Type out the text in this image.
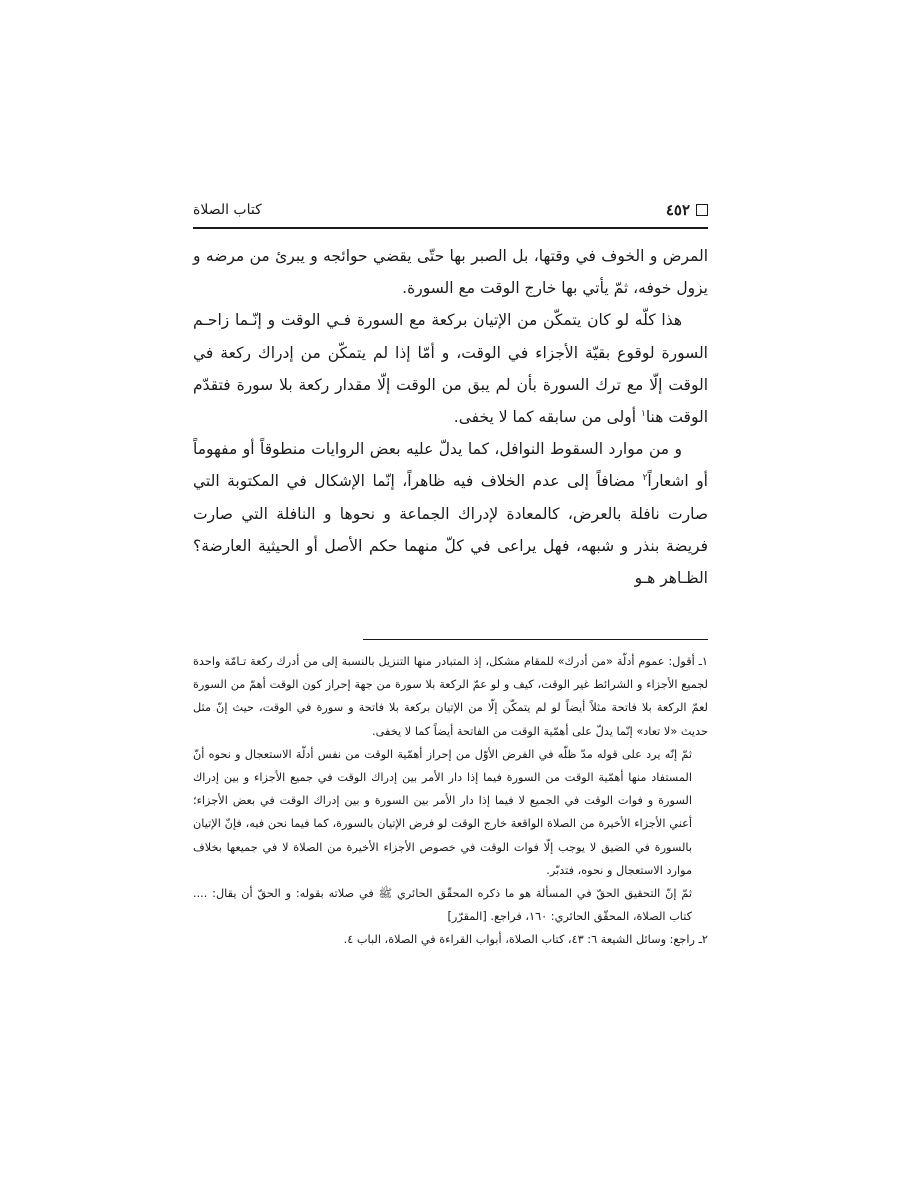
٤٥٢
كتاب الصلاة

المرض و الخوف في وقتها، بل الصبر بها حتّى يقضي حوائجه و يبرئ من مرضه و يزول خوفه، ثمّ يأتي بها خارج الوقت مع السورة.

هذا كلّه لو كان يتمكّن من الإتيان بركعة مع السورة فـي الوقت و إنّـما زاحـم السورة لوقوع بقيّة الأجزاء في الوقت، و أمّا إذا لم يتمكّن من إدراك ركعة في الوقت إلّا مع ترك السورة بأن لم يبق من الوقت إلّا مقدار ركعة بلا سورة فتقدّم الوقت هنا$^١$ أولى من سابقه كما لا يخفى.

و من موارد السقوط النوافل، كما يدلّ عليه بعض الروايات منطوقاً أو مفهوماً أو اشعاراً$^٢$ مضافاً إلى عدم الخلاف فيه ظاهراً، إنّما الإشكال في المكتوبة التي صارت نافلة بالعرض، كالمعادة لإدراك الجماعة و نحوها و النافلة التي صارت فريضة بنذر و شبهه، فهل يراعى في كلّ منهما حكم الأصل أو الحيثية العارضة؟ الظـاهر هـو

١ـ أقول: عموم أدلّة «من أدرك» للمقام مشكل، إذ المتبادر منها التنزيل بالنسبة إلى من أدرك ركعة تـامّة واحدة لجميع الأجزاء و الشرائط غير الوقت، كيف و لو عمّ الركعة بلا سورة من جهة إحراز كون الوقت أهمّ من السورة لعمّ الركعة بلا فاتحة مثلاً أيضاً لو لم يتمكّن إلّا من الإتيان بركعة بلا فاتحة و سورة في الوقت، حيث إنّ مثل حديث «لا تعاد» إنّما يدلّ على أهمّية الوقت من الفاتحة أيضاً كما لا يخفى.

ثمّ إنّه يرد على قوله مدّ ظلّه في الفرض الأوّل من إحراز أهمّية الوقت من نفس أدلّة الاستعجال و نحوه أنّ المستفاد منها أهمّية الوقت من السورة فيما إذا دار الأمر بين إدراك الوقت في جميع الأجزاء و بين إدراك السورة و فوات الوقت في الجميع لا فيما إذا دار الأمر بين السورة و بين إدراك الوقت في بعض الأجزاء؛ أعني الأجزاء الأخيرة من الصلاة الواقعة خارج الوقت لو فرض الإتيان بالسورة، كما فيما نحن فيه، فإنّ الإتيان بالسورة في الضيق لا يوجب إلّا فوات الوقت في خصوص الأجزاء الأخيرة من الصلاة لا في جميعها بخلاف موارد الاستعجال و نحوه، فتدبّر.

ثمّ إنّ التحقيق الحقّ في المسألة هو ما ذكره المحقّق الحائري ﷺ في صلاته بقوله: و الحقّ أن يقال: .... كتاب الصلاة، المحقّق الحائري: ١٦٠، فراجع. [المقرّر]

٢ـ راجع: وسائل الشيعة ٦: ٤٣، كتاب الصلاة، أبواب القراءة في الصلاة، الباب ٤.
